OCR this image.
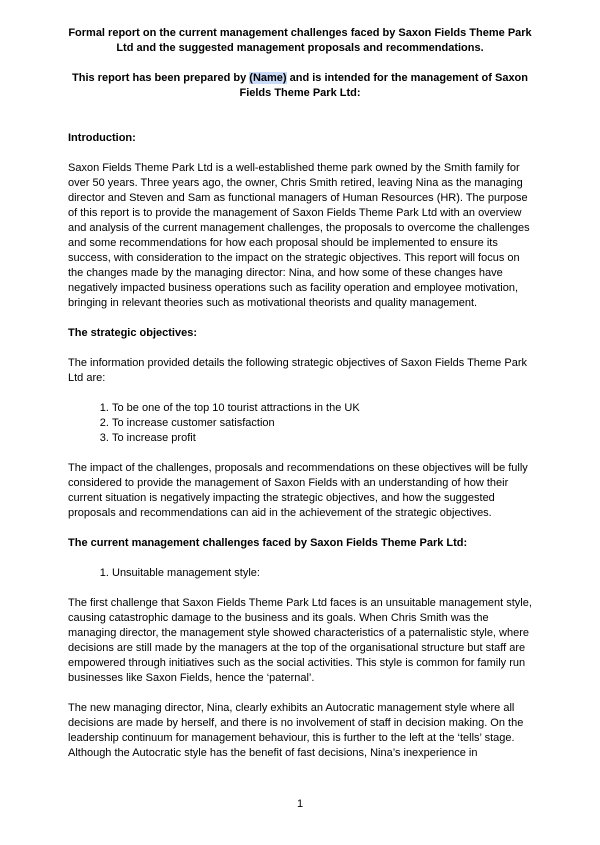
Formal report on the current management challenges faced by Saxon Fields Theme Park Ltd and the suggested management proposals and recommendations.

This report has been prepared by (Name) and is intended for the management of Saxon Fields Theme Park Ltd:

Introduction:

Saxon Fields Theme Park Ltd is a well-established theme park owned by the Smith family for over 50 years. Three years ago, the owner, Chris Smith retired, leaving Nina as the managing director and Steven and Sam as functional managers of Human Resources (HR). The purpose of this report is to provide the management of Saxon Fields Theme Park Ltd with an overview and analysis of the current management challenges, the proposals to overcome the challenges and some recommendations for how each proposal should be implemented to ensure its success, with consideration to the impact on the strategic objectives. This report will focus on the changes made by the managing director: Nina, and how some of these changes have negatively impacted business operations such as facility operation and employee motivation, bringing in relevant theories such as motivational theorists and quality management.

The strategic objectives:

The information provided details the following strategic objectives of Saxon Fields Theme Park Ltd are:

1. To be one of the top 10 tourist attractions in the UK
2. To increase customer satisfaction
3. To increase profit

The impact of the challenges, proposals and recommendations on these objectives will be fully considered to provide the management of Saxon Fields with an understanding of how their current situation is negatively impacting the strategic objectives, and how the suggested proposals and recommendations can aid in the achievement of the strategic objectives.

The current management challenges faced by Saxon Fields Theme Park Ltd:

1. Unsuitable management style:

The first challenge that Saxon Fields Theme Park Ltd faces is an unsuitable management style, causing catastrophic damage to the business and its goals. When Chris Smith was the managing director, the management style showed characteristics of a paternalistic style, where decisions are still made by the managers at the top of the organisational structure but staff are empowered through initiatives such as the social activities. This style is common for family run businesses like Saxon Fields, hence the ‘paternal’.

The new managing director, Nina, clearly exhibits an Autocratic management style where all decisions are made by herself, and there is no involvement of staff in decision making. On the leadership continuum for management behaviour, this is further to the left at the ‘tells’ stage. Although the Autocratic style has the benefit of fast decisions, Nina’s inexperience in

1
